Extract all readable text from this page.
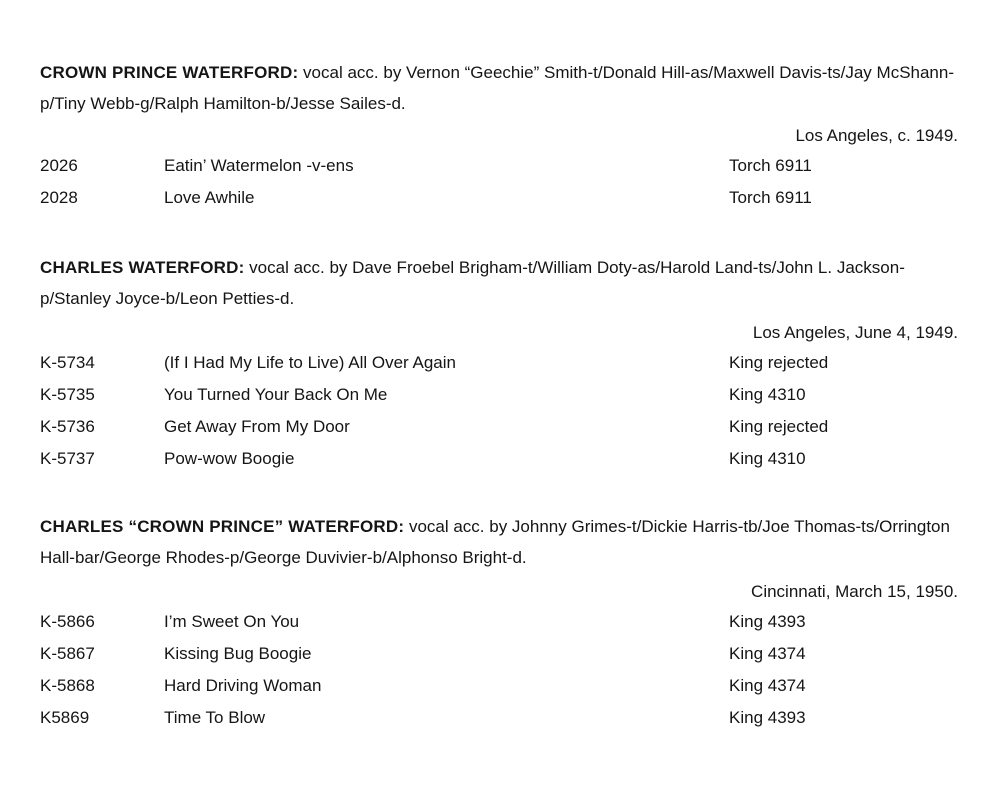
CROWN PRINCE WATERFORD: vocal acc. by Vernon “Geechie” Smith-t/Donald Hill-as/Maxwell Davis-ts/Jay McShann-p/Tiny Webb-g/Ralph Hamilton-b/Jesse Sailes-d.
Los Angeles, c. 1949.
2026	Eatin’ Watermelon -v-ens	Torch 6911
2028	Love Awhile	Torch 6911
CHARLES WATERFORD: vocal acc. by Dave Froebel Brigham-t/William Doty-as/Harold Land-ts/John L. Jackson-p/Stanley Joyce-b/Leon Petties-d.
Los Angeles, June 4, 1949.
K-5734	(If I Had My Life to Live) All Over Again	King rejected
K-5735	You Turned Your Back On Me	King 4310
K-5736	Get Away From My Door	King rejected
K-5737	Pow-wow Boogie	King 4310
CHARLES “CROWN PRINCE” WATERFORD: vocal acc. by Johnny Grimes-t/Dickie Harris-tb/Joe Thomas-ts/Orrington Hall-bar/George Rhodes-p/George Duvivier-b/Alphonso Bright-d.
Cincinnati, March 15, 1950.
K-5866	I’m Sweet On You	King 4393
K-5867	Kissing Bug Boogie	King 4374
K-5868	Hard Driving Woman	King 4374
K5869	Time To Blow	King 4393
